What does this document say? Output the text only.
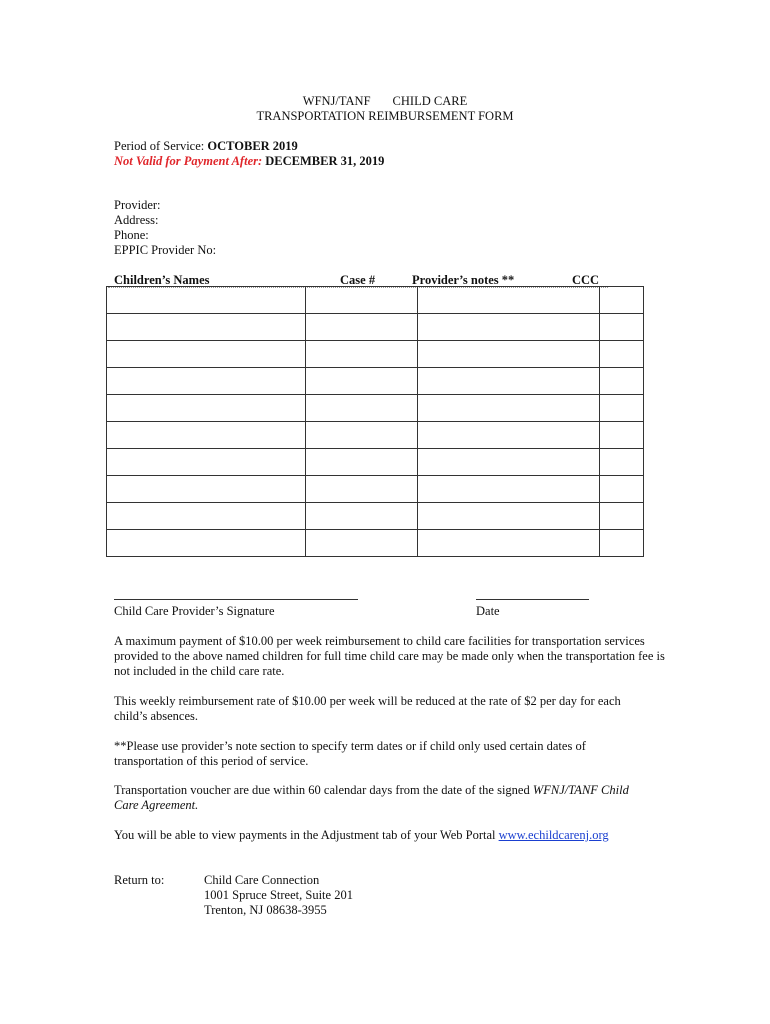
WFNJ/TANF CHILD CARE
TRANSPORTATION REIMBURSEMENT FORM
Period of Service: OCTOBER 2019
Not Valid for Payment After: DECEMBER 31, 2019
Provider:
Address:
Phone:
EPPIC Provider No:
Children’s Names	Case #	Provider’s notes **	CCC

Child Care Provider’s Signature	Date
A maximum payment of $10.00 per week reimbursement to child care facilities for transportation services provided to the above named children for full time child care may be made only when the transportation fee is not included in the child care rate.
This weekly reimbursement rate of $10.00 per week will be reduced at the rate of $2 per day for each child’s absences.
**Please use provider’s note section to specify term dates or if child only used certain dates of transportation of this period of service.
Transportation voucher are due within 60 calendar days from the date of the signed WFNJ/TANF Child Care Agreement.
You will be able to view payments in the Adjustment tab of your Web Portal www.echildcarenj.org
Return to:	Child Care Connection
1001 Spruce Street, Suite 201
Trenton, NJ 08638-3955
